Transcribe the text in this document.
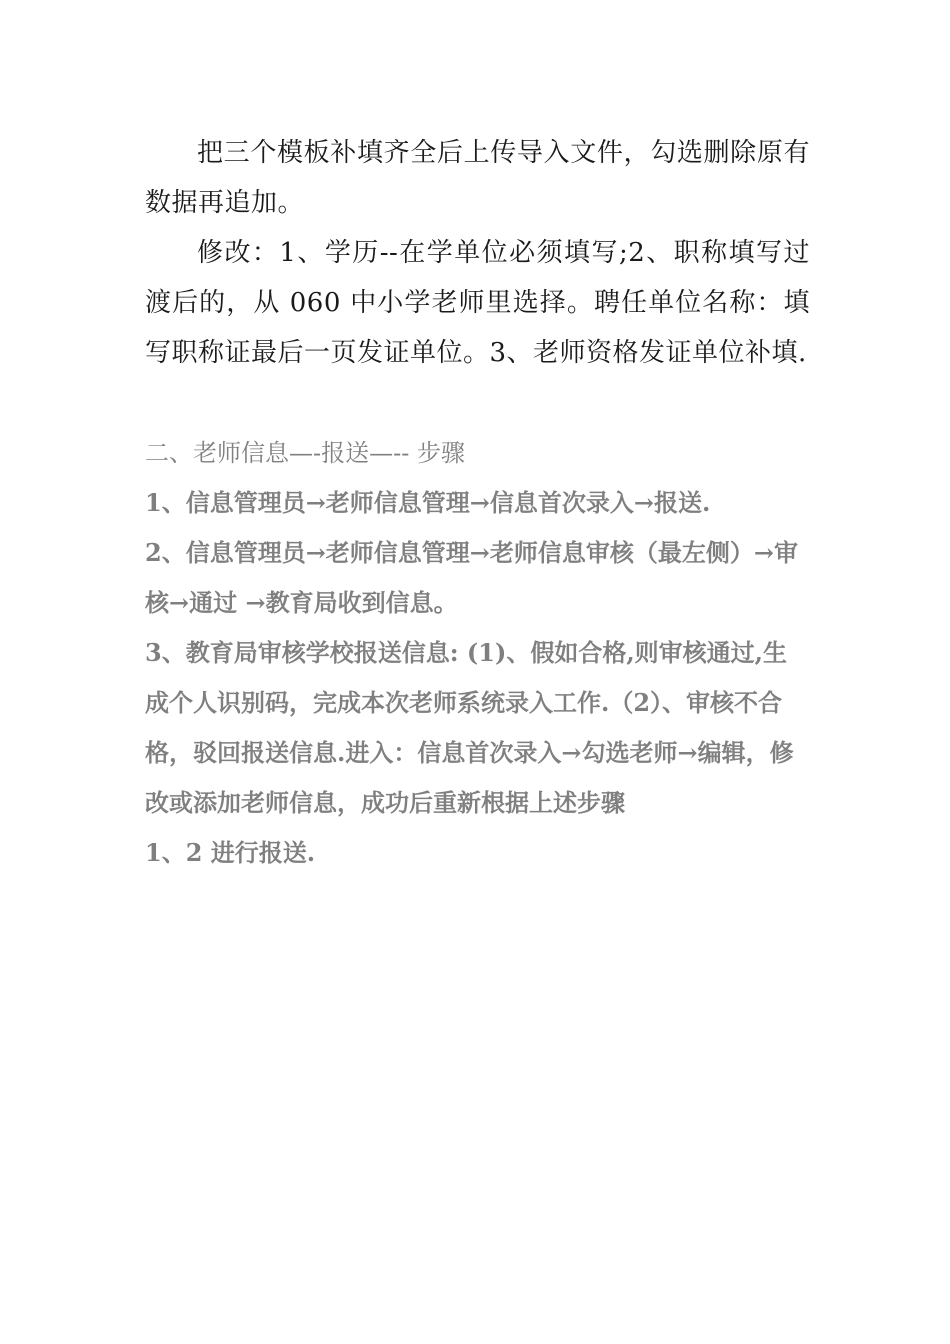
把三个模板补填齐全后上传导入文件，勾选删除原有数据再追加。

修改：1、学历--在学单位必须填写;2、职称填写过渡后的，从 060 中小学老师里选择。聘任单位名称：填写职称证最后一页发证单位。3、老师资格发证单位补填.

二、老师信息—-报送—-- 步骤

1、信息管理员→老师信息管理→信息首次录入→报送.

2、信息管理员→老师信息管理→老师信息审核（最左侧）→审核→通过 →教育局收到信息。

3、教育局审核学校报送信息: (1)、假如合格,则审核通过,生成个人识别码，完成本次老师系统录入工作.（2）、审核不合格，驳回报送信息.进入：信息首次录入→勾选老师→编辑，修改或添加老师信息，成功后重新根据上述步骤

1、2 进行报送.
